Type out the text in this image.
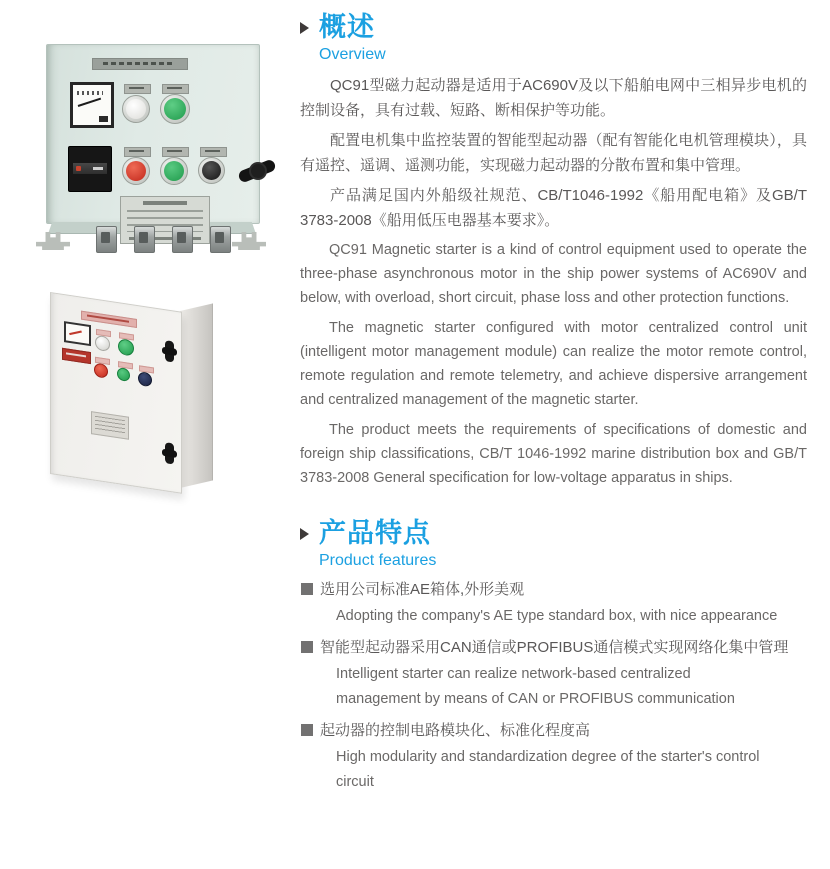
概述
Overview

QC91型磁力起动器是适用于AC690V及以下船舶电网中三相异步电机的控制设备，具有过载、短路、断相保护等功能。

配置电机集中监控装置的智能型起动器（配有智能化电机管理模块），具有遥控、遥调、遥测功能，实现磁力起动器的分散布置和集中管理。

产品满足国内外船级社规范、CB/T1046-1992《船用配电箱》及GB/T 3783-2008《船用低压电器基本要求》。

QC91 Magnetic starter is a kind of control equipment used to operate the three-phase asynchronous motor in the ship power systems of AC690V and below, with overload, short circuit, phase loss and other protection functions.

The magnetic starter configured with motor centralized control unit (intelligent motor management module) can realize the motor remote control, remote regulation and remote telemetry, and achieve dispersive arrangement and centralized management of the magnetic starter.

The product meets the requirements of specifications of domestic and foreign ship classifications, CB/T 1046-1992 marine distribution box and GB/T 3783-2008 General specification for low-voltage apparatus in ships.

产品特点
Product features
选用公司标准AE箱体,外形美观
Adopting the company's AE type standard box, with nice appearance
智能型起动器采用CAN通信或PROFIBUS通信模式实现网络化集中管理
Intelligent starter can realize network-based centralized management by means of CAN or PROFIBUS communication
起动器的控制电路模块化、标准化程度高
High modularity and standardization degree of the starter's control circuit
